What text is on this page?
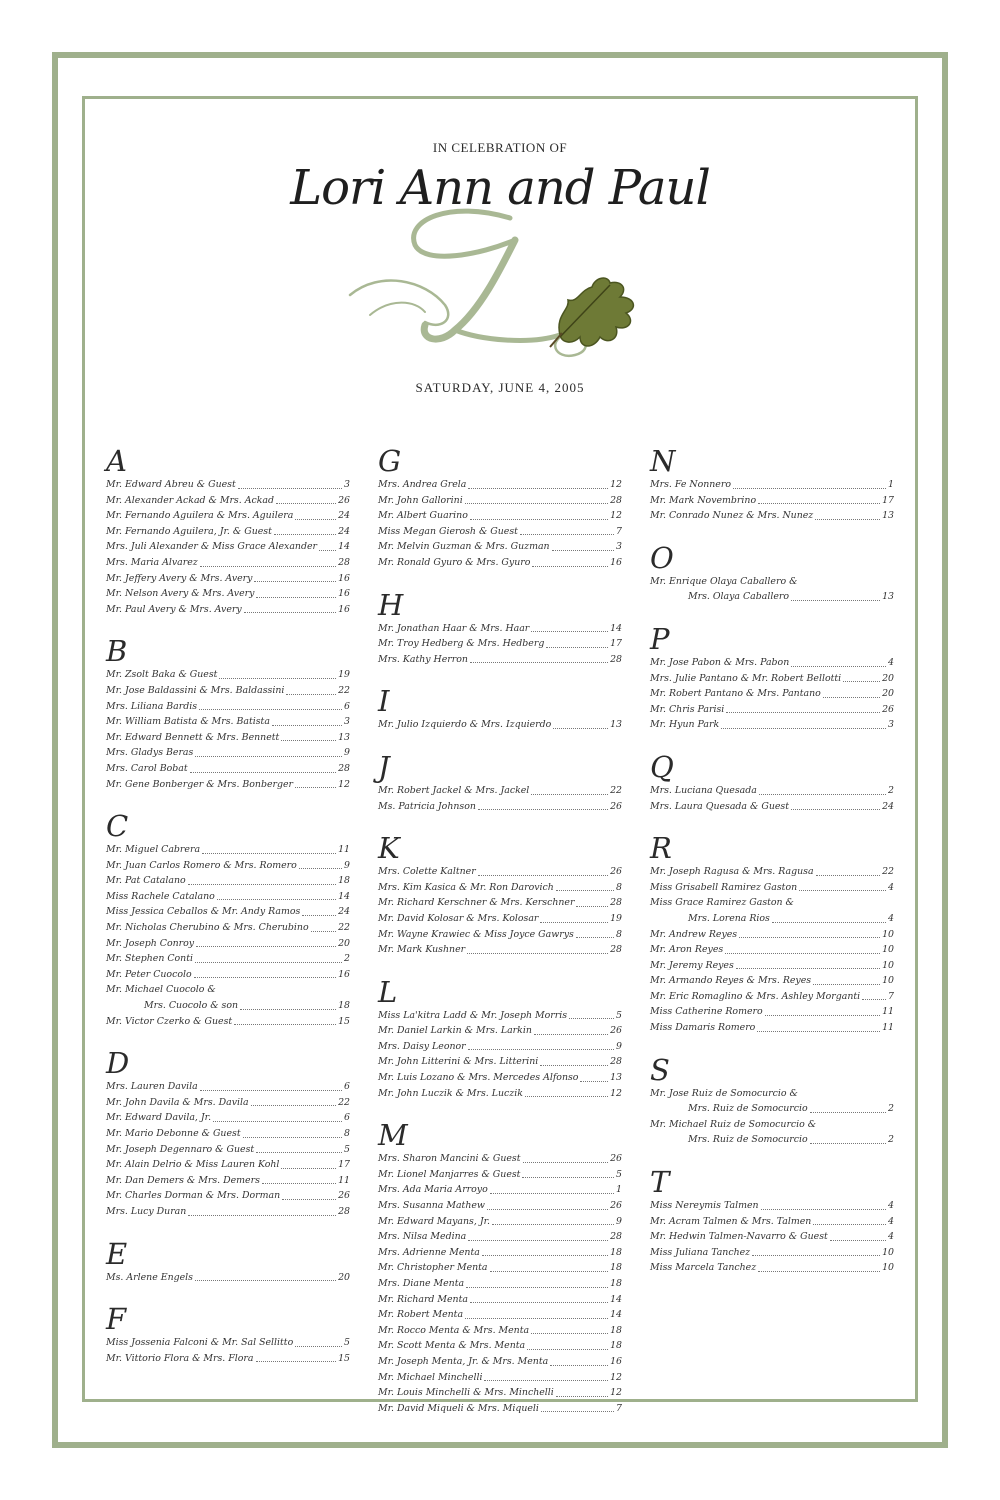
IN CELEBRATION OF
Lori Ann and Paul
SATURDAY, JUNE 4, 2005
A
Mr. Edward Abreu & Guest	3
Mr. Alexander Ackad & Mrs. Ackad	26
Mr. Fernando Aguilera & Mrs. Aguilera	24
Mr. Fernando Aguilera, Jr. & Guest	24
Mrs. Juli Alexander & Miss Grace Alexander 14
Mrs. Maria Alvarez	28
Mr. Jeffery Avery & Mrs. Avery	16
Mr. Nelson Avery & Mrs. Avery	16
Mr. Paul Avery & Mrs. Avery	16
B
Mr. Zsolt Baka & Guest	19
Mr. Jose Baldassini & Mrs. Baldassini	22
Mrs. Liliana Bardis	6
Mr. William Batista & Mrs. Batista	3
Mr. Edward Bennett & Mrs. Bennett	13
Mrs. Gladys Beras	9
Mrs. Carol Bobat	28
Mr. Gene Bonberger & Mrs. Bonberger	12
C
Mr. Miguel Cabrera	11
Mr. Juan Carlos Romero & Mrs. Romero	9
Mr. Pat Catalano	18
Miss Rachele Catalano	14
Miss Jessica Ceballos & Mr. Andy Ramos	24
Mr. Nicholas Cherubino & Mrs. Cherubino	22
Mr. Joseph Conroy	20
Mr. Stephen Conti	2
Mr. Peter Cuocolo	16
Mr. Michael Cuocolo &
Mrs. Cuocolo & son	18
Mr. Victor Czerko & Guest	15
D
Mrs. Lauren Davila	6
Mr. John Davila & Mrs. Davila	22
Mr. Edward Davila, Jr.	6
Mr. Mario Debonne & Guest	8
Mr. Joseph Degennaro & Guest	5
Mr. Alain Delrio & Miss Lauren Kohl	17
Mr. Dan Demers & Mrs. Demers	11
Mr. Charles Dorman & Mrs. Dorman	26
Mrs. Lucy Duran	28
E
Ms. Arlene Engels	20
F
Miss Jossenia Falconi & Mr. Sal Sellitto	5
Mr. Vittorio Flora & Mrs. Flora	15
G
Mrs. Andrea Grela	12
Mr. John Gallorini	28
Mr. Albert Guarino	12
Miss Megan Gierosh & Guest	7
Mr. Melvin Guzman & Mrs. Guzman	3
Mr. Ronald Gyuro & Mrs. Gyuro	16
H
Mr. Jonathan Haar & Mrs. Haar	14
Mr. Troy Hedberg & Mrs. Hedberg	17
Mrs. Kathy Herron	28
I
Mr. Julio Izquierdo & Mrs. Izquierdo	13
J
Mr. Robert Jackel & Mrs. Jackel	22
Ms. Patricia Johnson	26
K
Mrs. Colette Kaltner	26
Mrs. Kim Kasica & Mr. Ron Darovich	8
Mr. Richard Kerschner & Mrs. Kerschner	28
Mr. David Kolosar & Mrs. Kolosar	19
Mr. Wayne Krawiec & Miss Joyce Gawrys	8
Mr. Mark Kushner	28
L
Miss La'kitra Ladd & Mr. Joseph Morris	5
Mr. Daniel Larkin & Mrs. Larkin	26
Mrs. Daisy Leonor	9
Mr. John Litterini & Mrs. Litterini	28
Mr. Luis Lozano & Mrs. Mercedes Alfonso	13
Mr. John Luczik & Mrs. Luczik	12
M
Mrs. Sharon Mancini & Guest	26
Mr. Lionel Manjarres & Guest	5
Mrs. Ada Maria Arroyo	1
Mrs. Susanna Mathew	26
Mr. Edward Mayans, Jr.	9
Mrs. Nilsa Medina	28
Mrs. Adrienne Menta	18
Mr. Christopher Menta	18
Mrs. Diane Menta	18
Mr. Richard Menta	14
Mr. Robert Menta	14
Mr. Rocco Menta & Mrs. Menta	18
Mr. Scott Menta & Mrs. Menta	18
Mr. Joseph Menta, Jr. & Mrs. Menta	16
Mr. Michael Minchelli	12
Mr. Louis Minchelli & Mrs. Minchelli	12
Mr. David Miqueli & Mrs. Miqueli	7
N
Mrs. Fe Nonnero	1
Mr. Mark Novembrino	17
Mr. Conrado Nunez & Mrs. Nunez	13
O
Mr. Enrique Olaya Caballero &
Mrs. Olaya Caballero	13
P
Mr. Jose Pabon & Mrs. Pabon	4
Mrs. Julie Pantano & Mr. Robert Bellotti	20
Mr. Robert Pantano & Mrs. Pantano	20
Mr. Chris Parisi	26
Mr. Hyun Park	3
Q
Mrs. Luciana Quesada	2
Mrs. Laura Quesada & Guest	24
R
Mr. Joseph Ragusa & Mrs. Ragusa	22
Miss Grisabell Ramirez Gaston	4
Miss Grace Ramirez Gaston &
Mrs. Lorena Rios	4
Mr. Andrew Reyes	10
Mr. Aron Reyes	10
Mr. Jeremy Reyes	10
Mr. Armando Reyes & Mrs. Reyes	10
Mr. Eric Romaglino & Mrs. Ashley Morganti	7
Miss Catherine Romero	11
Miss Damaris Romero	11
S
Mr. Jose Ruiz de Somocurcio &
Mrs. Ruiz de Somocurcio	2
Mr. Michael Ruiz de Somocurcio &
Mrs. Ruiz de Somocurcio	2
T
Miss Nereymis Talmen	4
Mr. Acram Talmen & Mrs. Talmen	4
Mr. Hedwin Talmen-Navarro & Guest	4
Miss Juliana Tanchez	10
Miss Marcela Tanchez	10
